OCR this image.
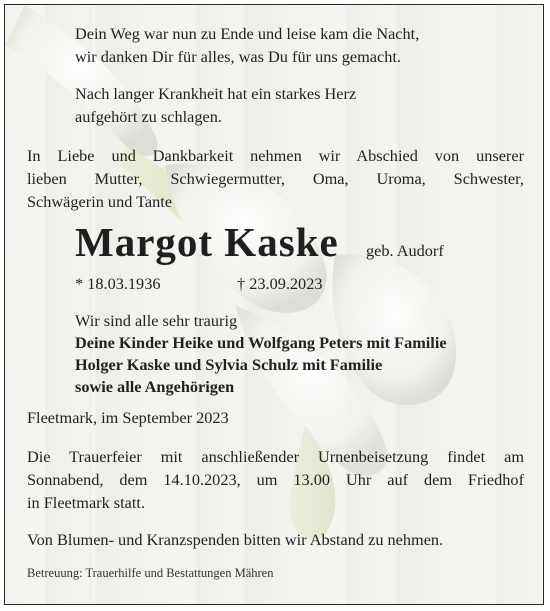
Dein Weg war nun zu Ende und leise kam die Nacht,
wir danken Dir für alles, was Du für uns gemacht.
Nach langer Krankheit hat ein starkes Herz
aufgehört zu schlagen.
In Liebe und Dankbarkeit nehmen wir Abschied von unserer
lieben Mutter, Schwiegermutter, Oma, Uroma, Schwester,
Schwägerin und Tante
Margot Kaske geb. Audorf
* 18.03.1936	† 23.09.2023
Wir sind alle sehr traurig
Deine Kinder Heike und Wolfgang Peters mit Familie
Holger Kaske und Sylvia Schulz mit Familie
sowie alle Angehörigen
Fleetmark, im September 2023
Die Trauerfeier mit anschließender Urnenbeisetzung findet am
Sonnabend, dem 14.10.2023, um 13.00 Uhr auf dem Friedhof
in Fleetmark statt.
Von Blumen- und Kranzspenden bitten wir Abstand zu nehmen.
Betreuung: Trauerhilfe und Bestattungen Mähren
